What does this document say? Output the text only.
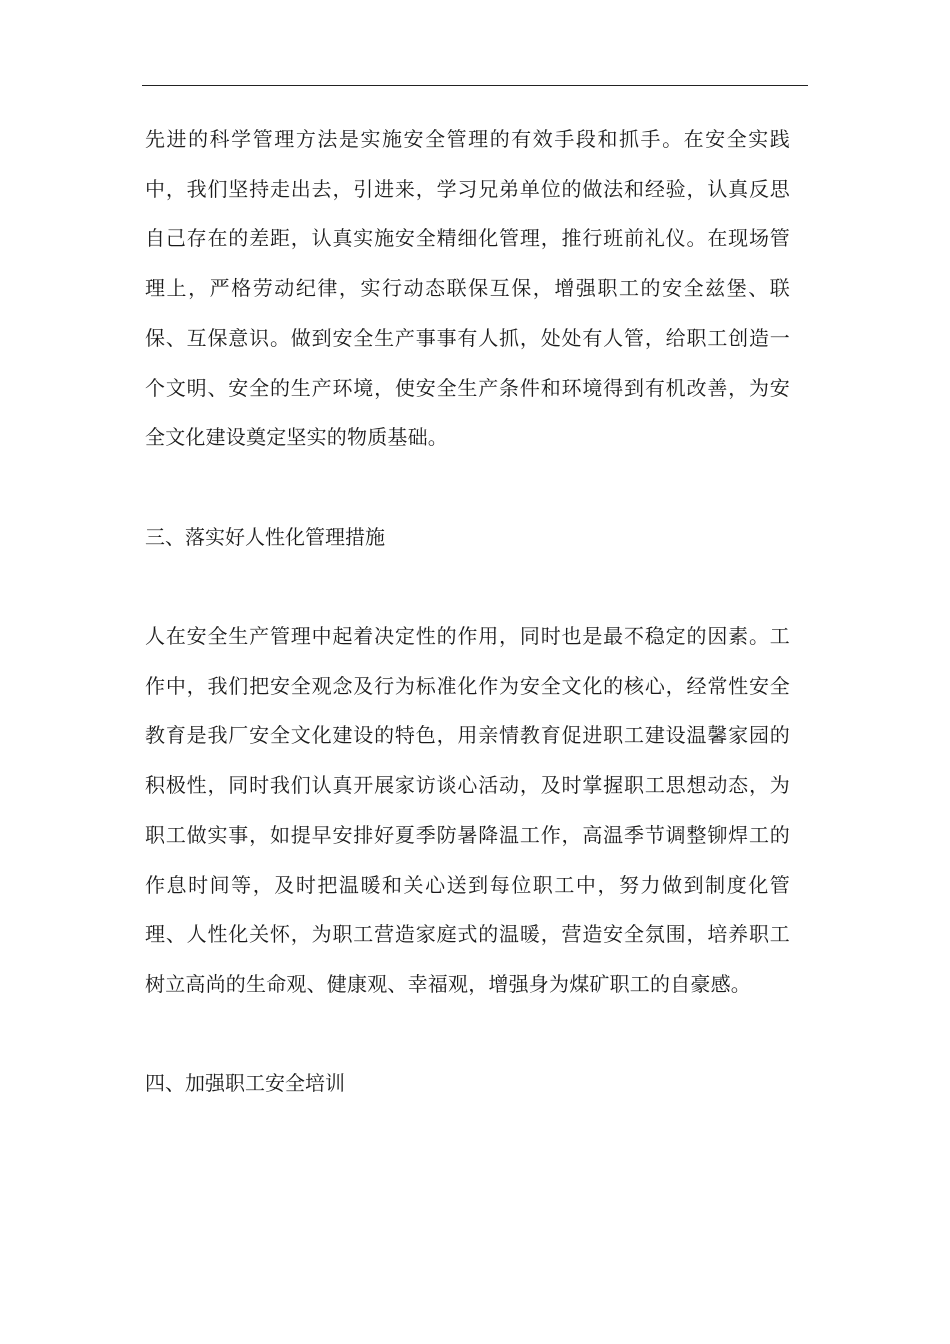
先进的科学管理方法是实施安全管理的有效手段和抓手。在安全实践中，我们坚持走出去，引进来，学习兄弟单位的做法和经验，认真反思自己存在的差距，认真实施安全精细化管理，推行班前礼仪。在现场管理上，严格劳动纪律，实行动态联保互保，增强职工的安全兹堡、联保、互保意识。做到安全生产事事有人抓，处处有人管，给职工创造一个文明、安全的生产环境，使安全生产条件和环境得到有机改善，为安全文化建设奠定坚实的物质基础。

三、落实好人性化管理措施

人在安全生产管理中起着决定性的作用，同时也是最不稳定的因素。工作中，我们把安全观念及行为标准化作为安全文化的核心，经常性安全教育是我厂安全文化建设的特色，用亲情教育促进职工建设温馨家园的积极性，同时我们认真开展家访谈心活动，及时掌握职工思想动态，为职工做实事，如提早安排好夏季防暑降温工作，高温季节调整铆焊工的作息时间等，及时把温暖和关心送到每位职工中，努力做到制度化管理、人性化关怀，为职工营造家庭式的温暖，营造安全氛围，培养职工树立高尚的生命观、健康观、幸福观，增强身为煤矿职工的自豪感。

四、加强职工安全培训
